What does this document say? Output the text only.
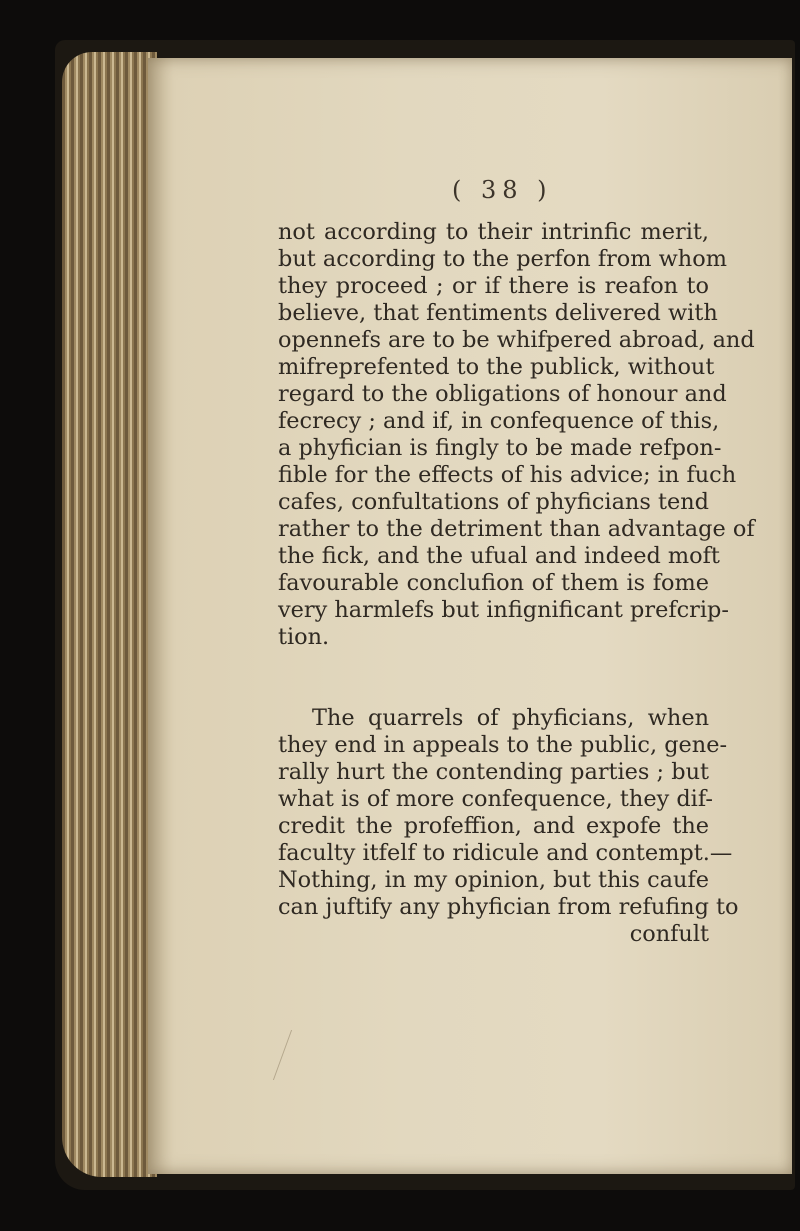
( 38 )
not according to their intrinfic merit,
but according to the perfon from whom
they proceed ; or if there is reafon to
believe, that fentiments delivered with
opennefs are to be whifpered abroad, and
mifreprefented to the publick, without
regard to the obligations of honour and
fecrecy ; and if, in confequence of this,
a phyfician is fingly to be made refpon-
fible for the effects of his advice; in fuch
cafes, confultations of phyficians tend
rather to the detriment than advantage of
the fick, and the ufual and indeed moft
favourable conclufion of them is fome
very harmlefs but infignificant prefcrip-
tion.
The quarrels of phyficians, when
they end in appeals to the public, gene-
rally hurt the contending parties ; but
what is of more confequence, they dif-
credit the profeffion, and expofe the
faculty itfelf to ridicule and contempt.—
Nothing, in my opinion, but this caufe
can juftify any phyfician from refufing to
confult
